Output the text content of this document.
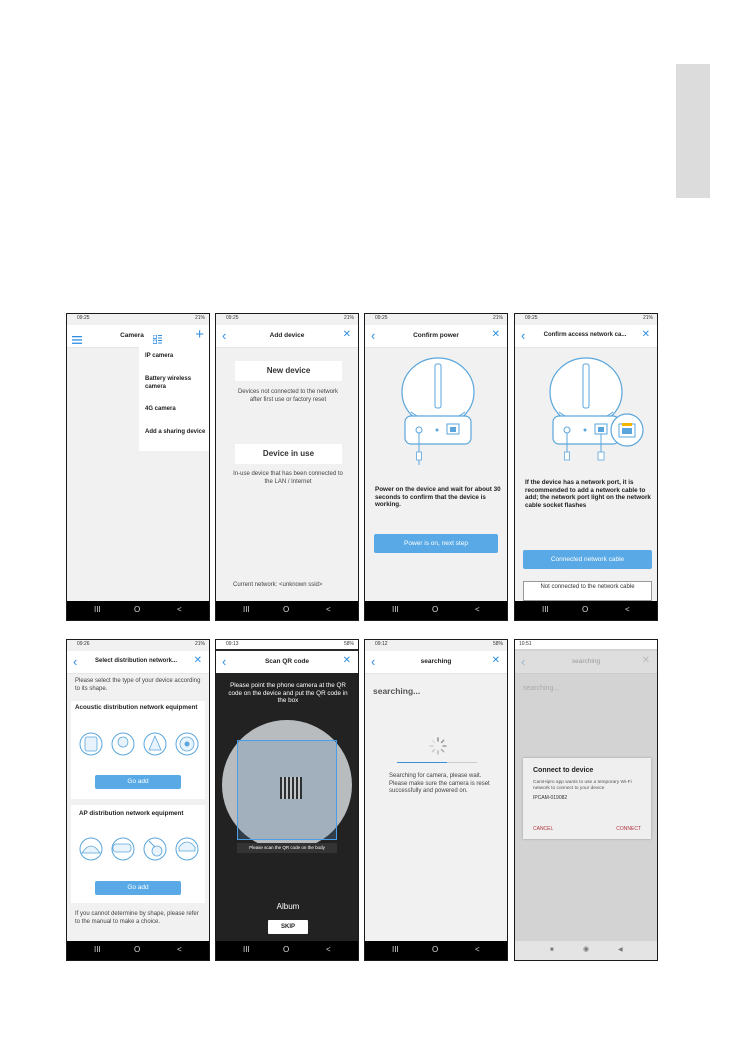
09:25	21%
Camera	+
IP camera
Battery wireless camera
4G camera
Add a sharing device
III	O	<
09:25	21%
‹	Add device	✕
New device
Devices not connected to the network after first use or factory reset
Device in use
In-use device that has been connected to the LAN / Internet
Current network: <unknown ssid>
III	O	<
09:25	21%
‹	Confirm power	✕
Power on the device and wait for about 30 seconds to confirm that the device is working.
Power is on, next step
III	O	<
09:25	21%
‹	Confirm access network ca...	✕
If the device has a network port, it is recommended to add a network cable to add; the network port light on the network cable socket flashes
Connected network cable
Not connected to the network cable
III	O	<
09:26	21%
‹	Select distribution network...	✕
Please select the type of your device according to its shape.
Acoustic distribution network equipment
Go add
AP distribution network equipment
Go add
If you cannot determine by shape, please refer to the manual to make a choice.
III	O	<
09:13	58%
‹	Scan QR code	✕
Please point the phone camera at the QR code on the device and put the QR code in the box
Please scan the QR code on the body
Album
SKIP
III	O	<
09:12	58%
‹	searching	✕
searching...
Searching for camera, please wait. Please make sure the camera is reset successfully and powered on.
III	O	<
10:51
‹	searching	✕
searching...
Connect to device
CamHipro app wants to use a temporary Wi-Fi network to connect to your device
IPCAM-019082
CANCEL	CONNECT
■	◉	◀
